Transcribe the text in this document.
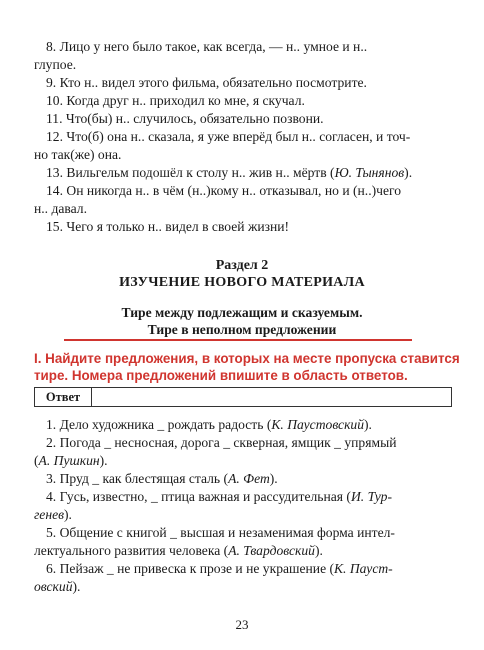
8. Лицо у него было такое, как всегда, — н.. умное и н..
глупое.
9. Кто н.. видел этого фильма, обязательно посмотрите.
10. Когда друг н.. приходил ко мне, я скучал.
11. Что(бы) н.. случилось, обязательно позвони.
12. Что(б) она н.. сказала, я уже вперёд был н.. согласен, и точ-
но так(же) она.
13. Вильгельм подошёл к столу н.. жив н.. мёртв (Ю. Тынянов).
14. Он никогда н.. в чём (н..)кому н.. отказывал, но и (н..)чего
н.. давал.
15. Чего я только н.. видел в своей жизни!
Раздел 2
ИЗУЧЕНИЕ НОВОГО МАТЕРИАЛА
Тире между подлежащим и сказуемым.
Тире в неполном предложении
I. Найдите предложения, в которых на месте пропуска ставится
тире. Номера предложений впишите в область ответов.
Ответ
1. Дело художника _ рождать радость (К. Паустовский).
2. Погода _ несносная, дорога _ скверная, ямщик _ упрямый
(А. Пушкин).
3. Пруд _ как блестящая сталь (А. Фет).
4. Гусь, известно, _ птица важная и рассудительная (И. Тур-
генев).
5. Общение с книгой _ высшая и незаменимая форма интел-
лектуального развития человека (А. Твардовский).
6. Пейзаж _ не привеска к прозе и не украшение (К. Пауст-
овский).
23
